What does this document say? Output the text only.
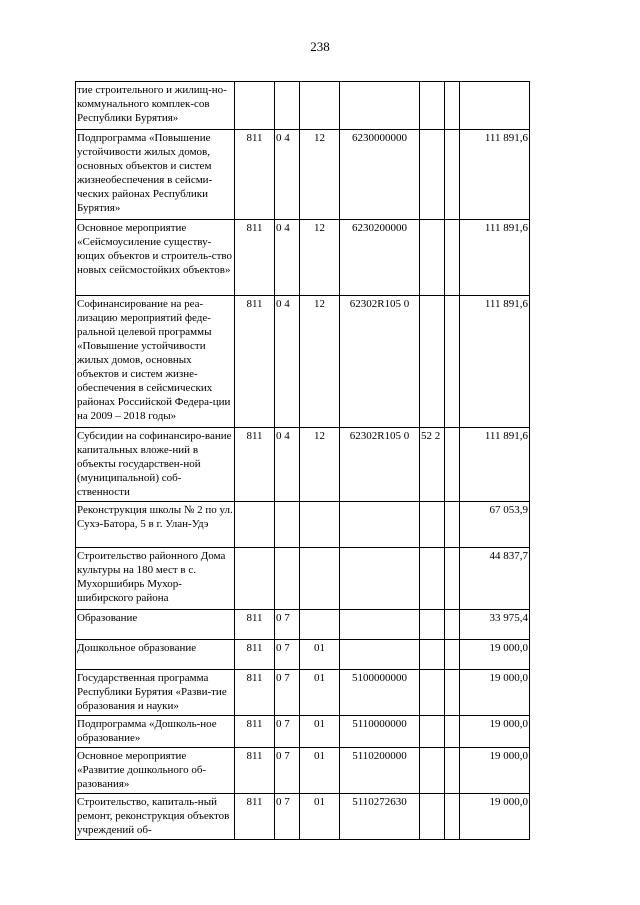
238
тие строительного и жилищ-но-коммунального комплек-сов Республики Бурятия»							
Подпрограмма «Повышение устойчивости жилых домов, основных объектов и систем жизнеобеспечения в сейсми-ческих районах Республики Бурятия»	811	0 4	12	6230000000			111 891,6
Основное мероприятие «Сейсмоусиление существу-ющих объектов и строитель-ство новых сейсмостойких объектов»	811	0 4	12	6230200000			111 891,6
Софинансирование на реа-лизацию мероприятий феде-ральной целевой программы «Повышение устойчивости жилых домов, основных объектов и систем жизне-обеспечения в сейсмических районах Российской Федера-ции на 2009 – 2018 годы»	811	0 4	12	62302R105 0			111 891,6
Субсидии на софинансиро-вание капитальных вложе-ний в объекты государствен-ной (муниципальной) соб-ственности	811	0 4	12	62302R105 0	52 2		111 891,6
Реконструкция школы № 2 по ул. Сухэ-Батора, 5 в г. Улан-Удэ							67 053,9
Строительство районного Дома культуры на 180 мест в с. Мухоршибирь Мухор-шибирского района							44 837,7
Образование	811	0 7					33 975,4
Дошкольное образование	811	0 7	01				19 000,0
Государственная программа Республики Бурятия «Разви-тие образования и науки»	811	0 7	01	5100000000			19 000,0
Подпрограмма «Дошколь-ное образование»	811	0 7	01	5110000000			19 000,0
Основное мероприятие «Развитие дошкольного об-разования»	811	0 7	01	5110200000			19 000,0
Строительство, капиталь-ный ремонт, реконструкция объектов учреждений об-	811	0 7	01	5110272630			19 000,0
